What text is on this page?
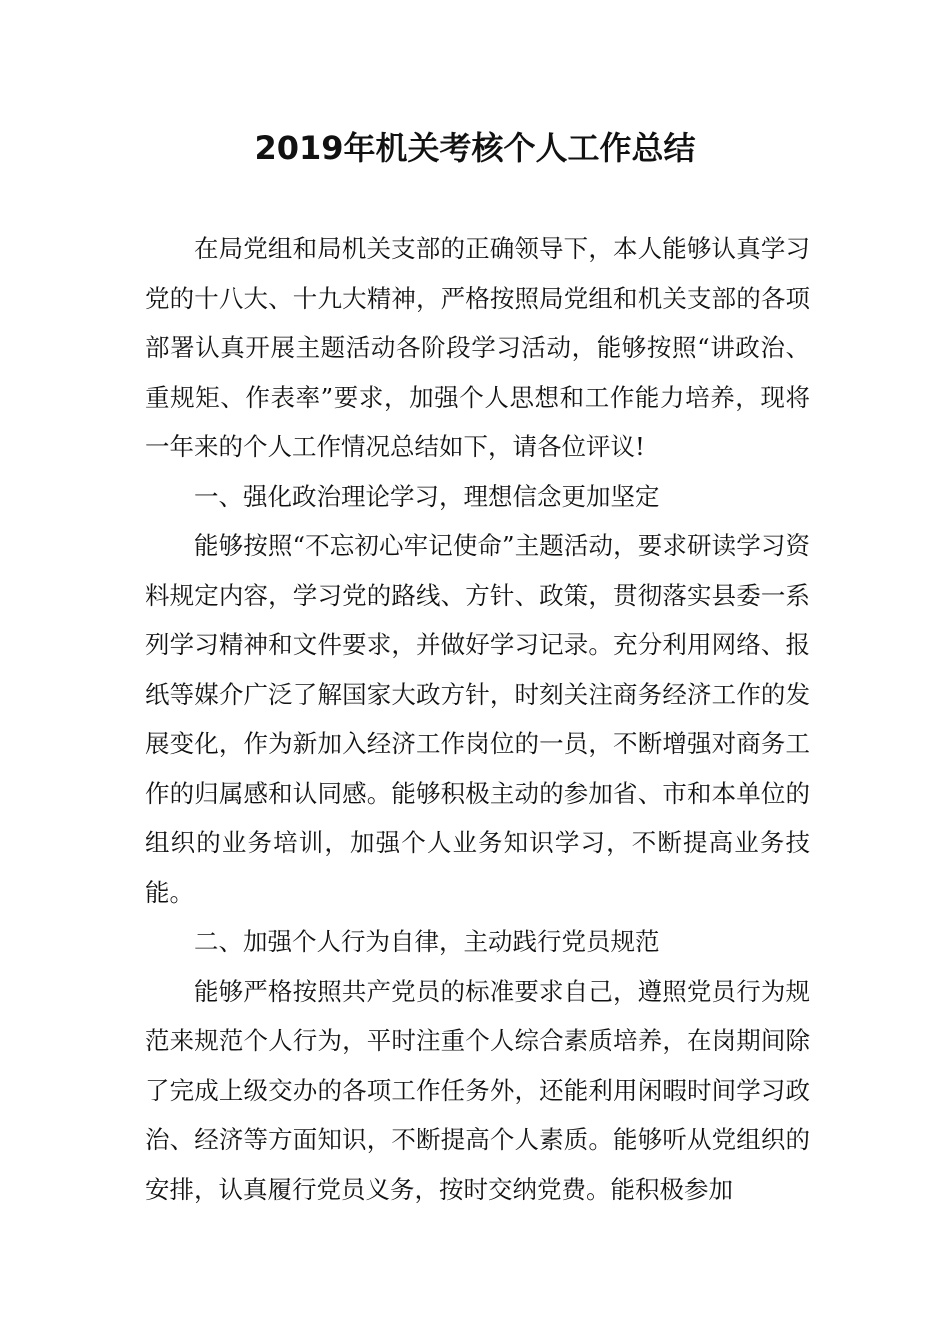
2019年机关考核个人工作总结

在局党组和局机关支部的正确领导下，本人能够认真学习党的十八大、十九大精神，严格按照局党组和机关支部的各项部署认真开展主题活动各阶段学习活动，能够按照“讲政治、重规矩、作表率”要求，加强个人思想和工作能力培养，现将一年来的个人工作情况总结如下，请各位评议!

一、强化政治理论学习，理想信念更加坚定

能够按照“不忘初心牢记使命”主题活动，要求研读学习资料规定内容，学习党的路线、方针、政策，贯彻落实县委一系列学习精神和文件要求，并做好学习记录。充分利用网络、报纸等媒介广泛了解国家大政方针，时刻关注商务经济工作的发展变化，作为新加入经济工作岗位的一员，不断增强对商务工作的归属感和认同感。能够积极主动的参加省、市和本单位的组织的业务培训，加强个人业务知识学习，不断提高业务技能。

二、加强个人行为自律，主动践行党员规范

能够严格按照共产党员的标准要求自己，遵照党员行为规范来规范个人行为，平时注重个人综合素质培养，在岗期间除了完成上级交办的各项工作任务外，还能利用闲暇时间学习政治、经济等方面知识，不断提高个人素质。能够听从党组织的安排，认真履行党员义务，按时交纳党费。能积极参加
